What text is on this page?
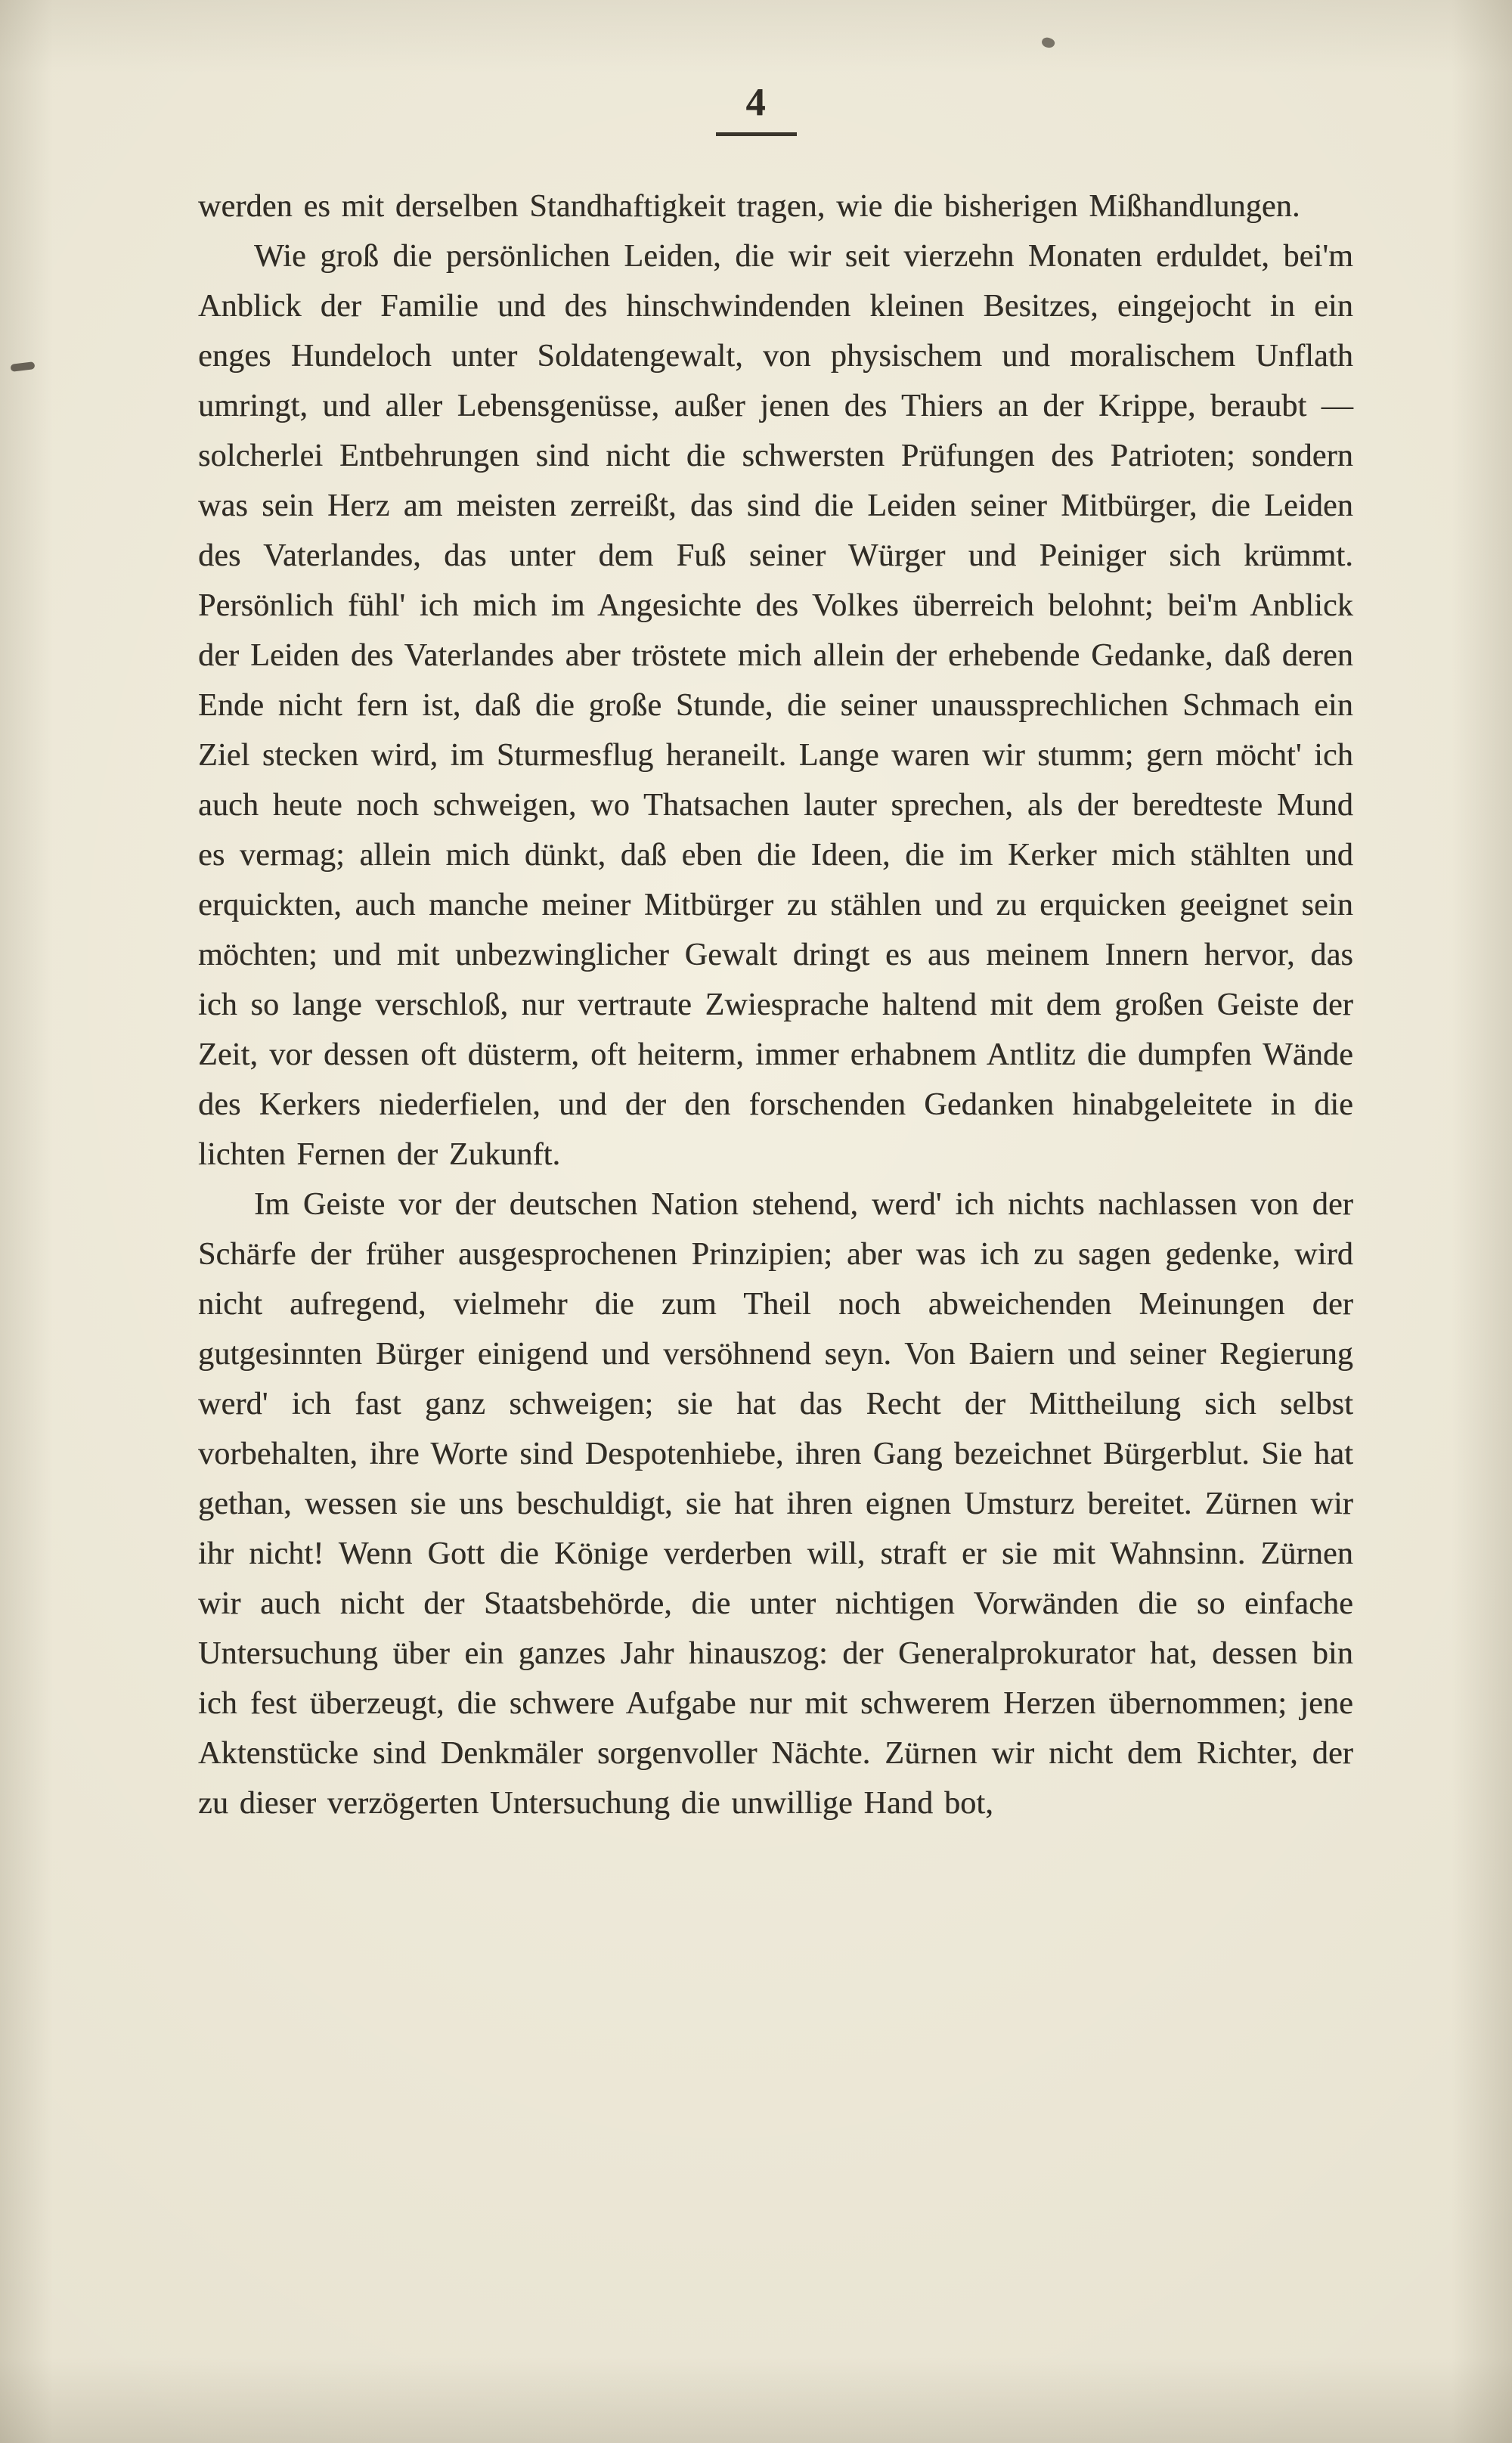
4

werden es mit derselben Standhaftigkeit tragen, wie die bisherigen Mißhandlungen.

Wie groß die persönlichen Leiden, die wir seit vierzehn Monaten erduldet, bei'm Anblick der Familie und des hinschwindenden kleinen Besitzes, eingejocht in ein enges Hundeloch unter Soldatengewalt, von physischem und moralischem Unflath umringt, und aller Lebensgenüsse, außer jenen des Thiers an der Krippe, beraubt — solcherlei Entbehrungen sind nicht die schwersten Prüfungen des Patrioten; sondern was sein Herz am meisten zerreißt, das sind die Leiden seiner Mitbürger, die Leiden des Vaterlandes, das unter dem Fuß seiner Würger und Peiniger sich krümmt. Persönlich fühl' ich mich im Angesichte des Volkes überreich belohnt; bei'm Anblick der Leiden des Vaterlandes aber tröstete mich allein der erhebende Gedanke, daß deren Ende nicht fern ist, daß die große Stunde, die seiner unaussprechlichen Schmach ein Ziel stecken wird, im Sturmesflug heraneilt. Lange waren wir stumm; gern möcht' ich auch heute noch schweigen, wo Thatsachen lauter sprechen, als der beredteste Mund es vermag; allein mich dünkt, daß eben die Ideen, die im Kerker mich stählten und erquickten, auch manche meiner Mitbürger zu stählen und zu erquicken geeignet sein möchten; und mit unbezwinglicher Gewalt dringt es aus meinem Innern hervor, das ich so lange verschloß, nur vertraute Zwiesprache haltend mit dem großen Geiste der Zeit, vor dessen oft düsterm, oft heiterm, immer erhabnem Antlitz die dumpfen Wände des Kerkers niederfielen, und der den forschenden Gedanken hinabgeleitete in die lichten Fernen der Zukunft.

Im Geiste vor der deutschen Nation stehend, werd' ich nichts nachlassen von der Schärfe der früher ausgesprochenen Prinzipien; aber was ich zu sagen gedenke, wird nicht aufregend, vielmehr die zum Theil noch abweichenden Meinungen der gutgesinnten Bürger einigend und versöhnend seyn. Von Baiern und seiner Regierung werd' ich fast ganz schweigen; sie hat das Recht der Mittheilung sich selbst vorbehalten, ihre Worte sind Despotenhiebe, ihren Gang bezeichnet Bürgerblut. Sie hat gethan, wessen sie uns beschuldigt, sie hat ihren eignen Umsturz bereitet. Zürnen wir ihr nicht! Wenn Gott die Könige verderben will, straft er sie mit Wahnsinn. Zürnen wir auch nicht der Staatsbehörde, die unter nichtigen Vorwänden die so einfache Untersuchung über ein ganzes Jahr hinauszog: der Generalprokurator hat, dessen bin ich fest überzeugt, die schwere Aufgabe nur mit schwerem Herzen übernommen; jene Aktenstücke sind Denkmäler sorgenvoller Nächte. Zürnen wir nicht dem Richter, der zu dieser verzögerten Untersuchung die unwillige Hand bot,
